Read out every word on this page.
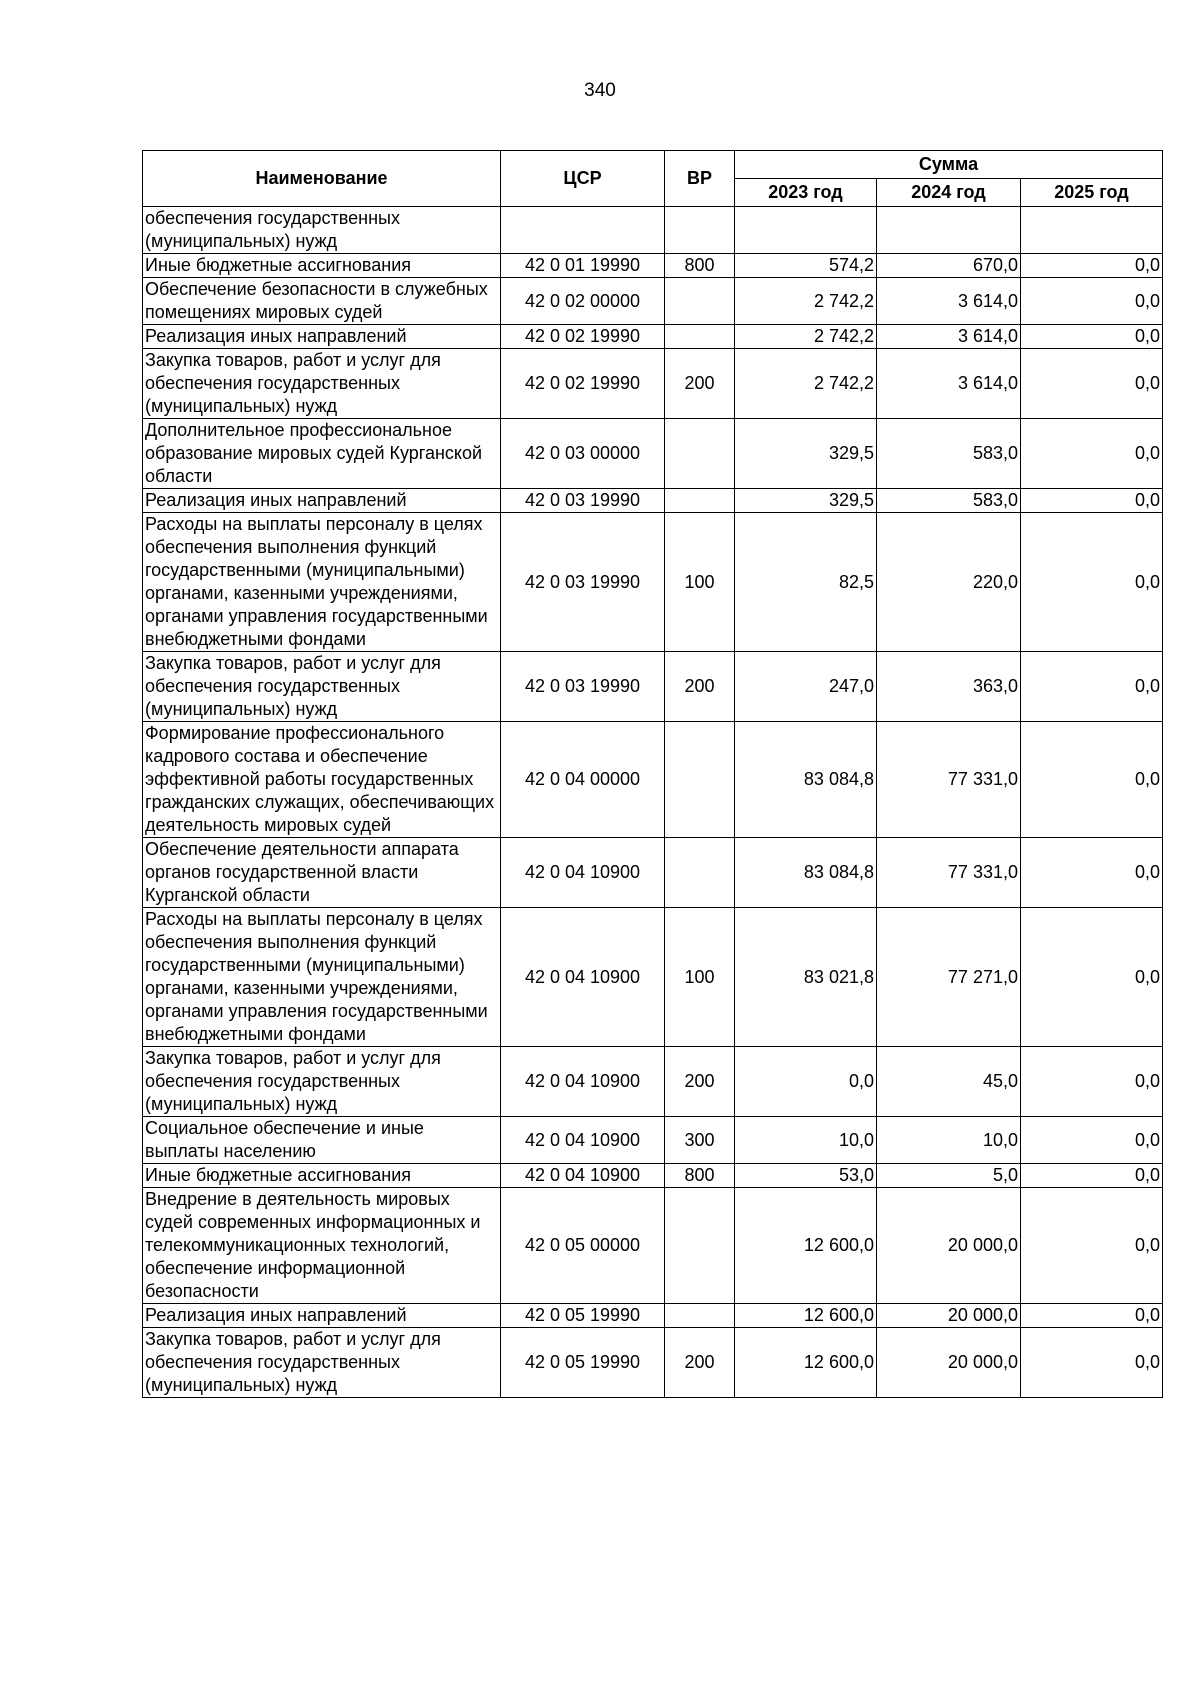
340
Наименование	ЦСР	ВР	Сумма		
			2023 год	2024 год	2025 год
обеспечения государственных (муниципальных) нужд					
Иные бюджетные ассигнования	42 0 01 19990	800	574,2	670,0	0,0
Обеспечение безопасности в служебных помещениях мировых судей	42 0 02 00000		2 742,2	3 614,0	0,0
Реализация иных направлений	42 0 02 19990		2 742,2	3 614,0	0,0
Закупка товаров, работ и услуг для обеспечения государственных (муниципальных) нужд	42 0 02 19990	200	2 742,2	3 614,0	0,0
Дополнительное профессиональное образование мировых судей Курганской области	42 0 03 00000		329,5	583,0	0,0
Реализация иных направлений	42 0 03 19990		329,5	583,0	0,0
Расходы на выплаты персоналу в целях обеспечения выполнения функций государственными (муниципальными) органами, казенными учреждениями, органами управления государственными внебюджетными фондами	42 0 03 19990	100	82,5	220,0	0,0
Закупка товаров, работ и услуг для обеспечения государственных (муниципальных) нужд	42 0 03 19990	200	247,0	363,0	0,0
Формирование профессионального кадрового состава и обеспечение эффективной работы государственных гражданских служащих, обеспечивающих деятельность мировых судей	42 0 04 00000		83 084,8	77 331,0	0,0
Обеспечение деятельности аппарата органов государственной власти Курганской области	42 0 04 10900		83 084,8	77 331,0	0,0
Расходы на выплаты персоналу в целях обеспечения выполнения функций государственными (муниципальными) органами, казенными учреждениями, органами управления государственными внебюджетными фондами	42 0 04 10900	100	83 021,8	77 271,0	0,0
Закупка товаров, работ и услуг для обеспечения государственных (муниципальных) нужд	42 0 04 10900	200	0,0	45,0	0,0
Социальное обеспечение и иные выплаты населению	42 0 04 10900	300	10,0	10,0	0,0
Иные бюджетные ассигнования	42 0 04 10900	800	53,0	5,0	0,0
Внедрение в деятельность мировых судей современных информационных и телекоммуникационных технологий, обеспечение информационной безопасности	42 0 05 00000		12 600,0	20 000,0	0,0
Реализация иных направлений	42 0 05 19990		12 600,0	20 000,0	0,0
Закупка товаров, работ и услуг для обеспечения государственных (муниципальных) нужд	42 0 05 19990	200	12 600,0	20 000,0	0,0
